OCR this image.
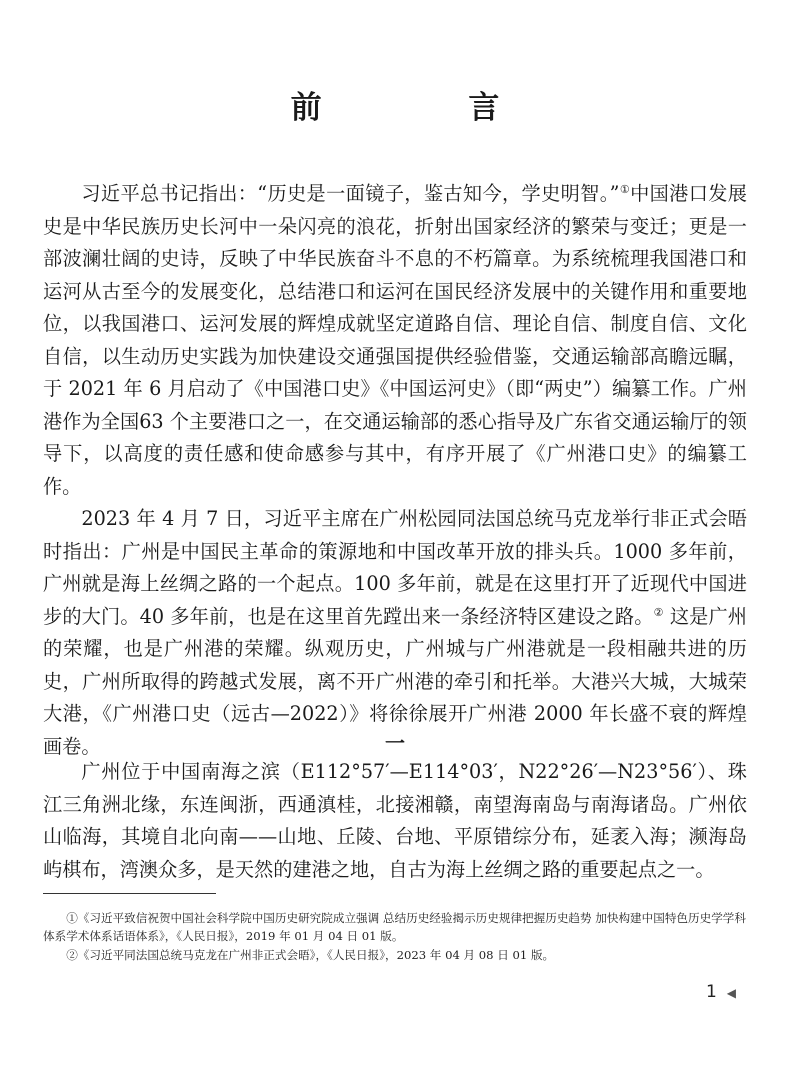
前 言

习近平总书记指出：“历史是一面镜子，鉴古知今，学史明智。”①中国港口发展史是中华民族历史长河中一朵闪亮的浪花，折射出国家经济的繁荣与变迁；更是一部波澜壮阔的史诗，反映了中华民族奋斗不息的不朽篇章。为系统梳理我国港口和运河从古至今的发展变化，总结港口和运河在国民经济发展中的关键作用和重要地位，以我国港口、运河发展的辉煌成就坚定道路自信、理论自信、制度自信、文化自信，以生动历史实践为加快建设交通强国提供经验借鉴，交通运输部高瞻远瞩，于 2021 年 6 月启动了《中国港口史》《中国运河史》（即“两史”）编纂工作。广州港作为全国63 个主要港口之一，在交通运输部的悉心指导及广东省交通运输厅的领导下，以高度的责任感和使命感参与其中，有序开展了《广州港口史》的编纂工作。

2023 年 4 月 7 日，习近平主席在广州松园同法国总统马克龙举行非正式会晤时指出：广州是中国民主革命的策源地和中国改革开放的排头兵。1000 多年前，广州就是海上丝绸之路的一个起点。100 多年前，就是在这里打开了近现代中国进步的大门。40 多年前，也是在这里首先蹚出来一条经济特区建设之路。② 这是广州的荣耀，也是广州港的荣耀。纵观历史，广州城与广州港就是一段相融共进的历史，广州所取得的跨越式发展，离不开广州港的牵引和托举。大港兴大城，大城荣大港，《广州港口史（远古—2022）》将徐徐展开广州港 2000 年长盛不衰的辉煌画卷。	一

广州位于中国南海之滨（E112°57′—E114°03′，N22°26′—N23°56′）、珠江三角洲北缘，东连闽浙，西通滇桂，北接湘赣，南望海南岛与南海诸岛。广州依山临海，其境自北向南——山地、丘陵、台地、平原错综分布，延袤入海；濒海岛屿棋布，湾澳众多，是天然的建港之地，自古为海上丝绸之路的重要起点之一。

①《习近平致信祝贺中国社会科学院中国历史研究院成立强调 总结历史经验揭示历史规律把握历史趋势 加快构建中国特色历史学学科体系学术体系话语体系》，《人民日报》，2019 年 01 月 04 日 01 版。

②《习近平同法国总统马克龙在广州非正式会晤》，《人民日报》，2023 年 04 月 08 日 01 版。

1 ◀
